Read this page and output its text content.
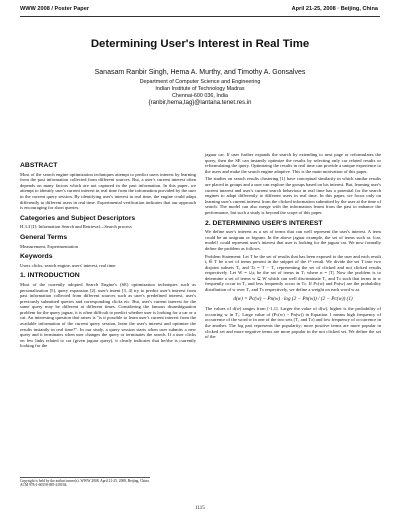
WWW 2008 / Poster Paper	April 21-25, 2008 · Beijing, China
Determining User's Interest in Real Time
Sanasam Ranbir Singh, Hema A. Murthy, and Timothy A. Gonsalves
Department of Computer Science and Engineering
Indian Institute of Technology Madras
Chennai-600 036, India
{ranbir,hema,tag}@lantana.tenet.res.in
ABSTRACT

Most of the search engine optimization techniques attempt to predict users interest by learning from the past information collected from different sources. But, a user's current interest often depends on many factors which are not captured in the past information. In this paper, we attempt to identify user's current interest in real time from the information provided by the user in the current query session. By identifying user's interest in real time, the engine could adapt differently to different users in real time. Experimental verification indicates that our approach is encouraging for short queries.

Categories and Subject Descriptors

H.3.3 [I]: Information Search and Retrieval—Search process

General Terms

Measurement, Experimentation

Keywords

Users clicks, search engine, users' interest, real time

1. INTRODUCTION

Most of the currently adopted Search Engine's (SE) optimization techniques such as personalization [5], query expansion [2], user's intent [3, 4] try to predict user's interest from past information collected from different sources such as user's predefined interest, user's previously submitted queries and corresponding clicks etc. But, user's current interest for the same query may be different at different times. Considering the famous disambiguation problem for the query jaguar, it is often difficult to predict whether user is looking for a car or a cat. An interesting question that arises is "is it possible to learn user's current interest from the available information of the current query session, learn the user's interest and optimize the results instantly in real time?". In our study, a query session starts when user submits a new query and it terminates when user changes the query or terminates the search. If a user clicks on few links related to car (given jaguar query), it clearly indicates that he/she is currently looking for the

jaguar car. If user further expands the search by extending to next page or reformulates the query, then the SE can instantly optimize the results by selecting only car related results or reformulating the query. Optimizing the results in real time can provide a unique experience to the users and make the search engine adaptive. This is the main motivation of this paper.

The studies on search results clustering [1] have conceptual similarity in which similar results are placed in groups and a user can explore the groups based on his interest. But, learning user's current interest and user's current search behaviour in real time has a potential for the search engines to adapt differently to different users in real time. In this paper, we focus only on learning user's current interest from the clicked information submitted by the user at the time of search. The model can also merge with the information learnt from the past to enhance the performance, but such a study is beyond the scope of this paper.

2. DETERMINING USER'S INTEREST

We define user's interest as a set of terms that can well represent the user's interest. A term could be an unigram or bigram. In the above jaguar example, the set of terms such as {car, model} could represent user's interest that user is looking for the jaguar car. We now formally define the problem as follows.

Problem Statement: Let T be the set of results that has been exposed to the user and each result tᵢ ∈ T be a set of terms present in the snippet of the iᵗʰ result. We divide the set T into two disjoint subsets T꜀ and Tₙ = T − T꜀ representing the set of clicked and not clicked results respectively. Let W = ∪ᵢtᵢ be the set of terms in T; where n = |T|. Now the problem is to determine a set of terms w ⊆ W which can well discriminate T꜀ and Tₙ such that terms in w frequently occur in T꜀ and less frequently occur in Tₙ. If Pc(w) and Pn(w) are the probability distribution of w over T꜀ and Tₙ respectively, we define a weight on each word w as

d(w) = Pc(w) − Pn(w) · log (2 − Pn(w)) / (2 − Pc(w)) (1)

The values of d(w) ranges from [-1,1]. Larger the value of d(w), higher is the probability of occurring w in T꜀. Large value of (Pc(w) − Pn(w)) in Equation 1 means high frequency of occurrence of the word w in one of the two sets (T꜀ and Tₙ) and low frequency of occurrence in the another. The log part represents the popularity; more positive terms are more popular in clicked set and more negative terms are more popular in the not clicked set. We define the set of the

Copyright is held by the author/owner(s). WWW 2008, April 21-25, 2008, Beijing, China. ACM 978-1-60558-085-2/08/04.
1115
